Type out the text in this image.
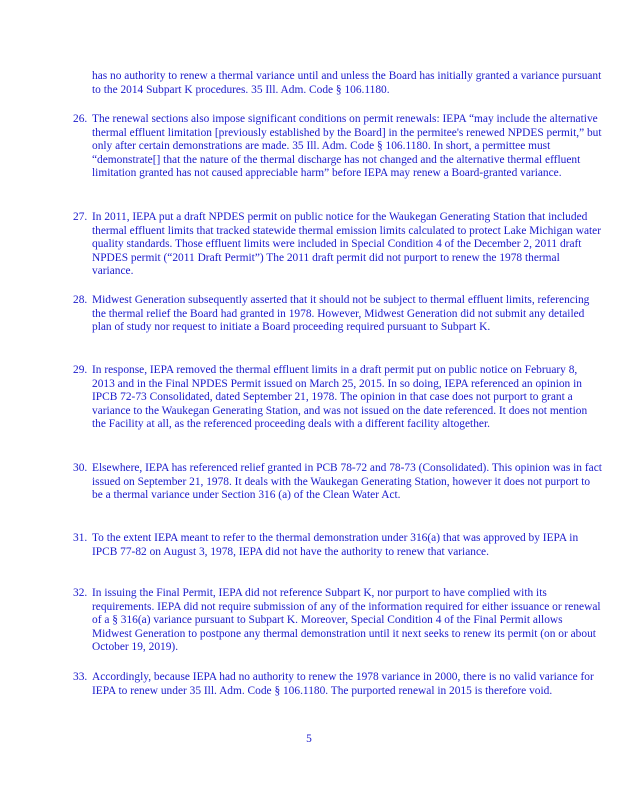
has no authority to renew a thermal variance until and unless the Board has initially granted a variance pursuant to the 2014 Subpart K procedures. 35 Ill. Adm. Code § 106.1180.
26. The renewal sections also impose significant conditions on permit renewals: IEPA “may include the alternative thermal effluent limitation [previously established by the Board] in the permitee's renewed NPDES permit,” but only after certain demonstrations are made. 35 Ill. Adm. Code § 106.1180. In short, a permittee must “demonstrate[] that the nature of the thermal discharge has not changed and the alternative thermal effluent limitation granted has not caused appreciable harm” before IEPA may renew a Board-granted variance.
27. In 2011, IEPA put a draft NPDES permit on public notice for the Waukegan Generating Station that included thermal effluent limits that tracked statewide thermal emission limits calculated to protect Lake Michigan water quality standards. Those effluent limits were included in Special Condition 4 of the December 2, 2011 draft NPDES permit (“2011 Draft Permit”) The 2011 draft permit did not purport to renew the 1978 thermal variance.
28. Midwest Generation subsequently asserted that it should not be subject to thermal effluent limits, referencing the thermal relief the Board had granted in 1978. However, Midwest Generation did not submit any detailed plan of study nor request to initiate a Board proceeding required pursuant to Subpart K.
29. In response, IEPA removed the thermal effluent limits in a draft permit put on public notice on February 8, 2013 and in the Final NPDES Permit issued on March 25, 2015. In so doing, IEPA referenced an opinion in IPCB 72-73 Consolidated, dated September 21, 1978. The opinion in that case does not purport to grant a variance to the Waukegan Generating Station, and was not issued on the date referenced. It does not mention the Facility at all, as the referenced proceeding deals with a different facility altogether.
30. Elsewhere, IEPA has referenced relief granted in PCB 78-72 and 78-73 (Consolidated). This opinion was in fact issued on September 21, 1978. It deals with the Waukegan Generating Station, however it does not purport to be a thermal variance under Section 316 (a) of the Clean Water Act.
31. To the extent IEPA meant to refer to the thermal demonstration under 316(a) that was approved by IEPA in IPCB 77-82 on August 3, 1978, IEPA did not have the authority to renew that variance.
32. In issuing the Final Permit, IEPA did not reference Subpart K, nor purport to have complied with its requirements. IEPA did not require submission of any of the information required for either issuance or renewal of a § 316(a) variance pursuant to Subpart K. Moreover, Special Condition 4 of the Final Permit allows Midwest Generation to postpone any thermal demonstration until it next seeks to renew its permit (on or about October 19, 2019).
33. Accordingly, because IEPA had no authority to renew the 1978 variance in 2000, there is no valid variance for IEPA to renew under 35 Ill. Adm. Code § 106.1180. The purported renewal in 2015 is therefore void.
5
